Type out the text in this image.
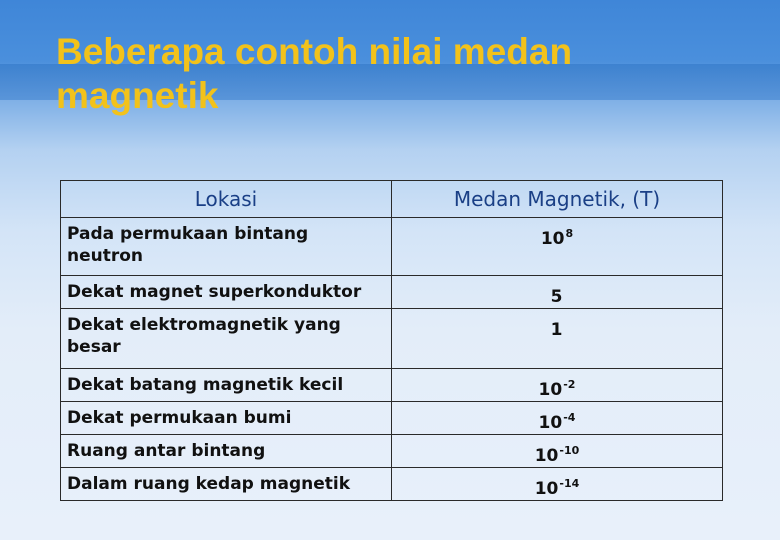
Beberapa contoh nilai medan magnetik
Lokasi	Medan Magnetik, (T)
Pada permukaan bintang neutron	$10^8$
Dekat magnet superkonduktor	5
Dekat elektromagnetik yang besar	1
Dekat batang magnetik kecil	$10^{-2}$
Dekat permukaan bumi	$10^{-4}$
Ruang antar bintang	$10^{-10}$
Dalam ruang kedap magnetik	$10^{-14}$
